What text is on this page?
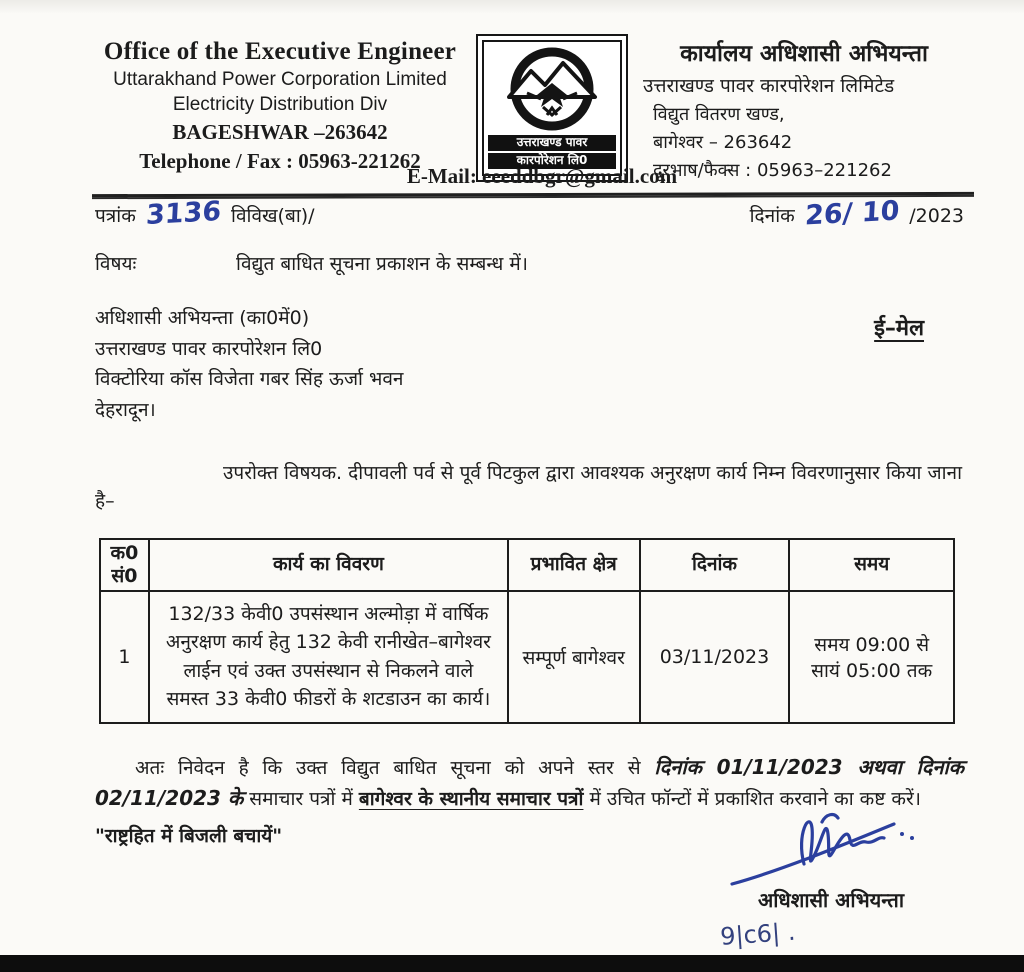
Office of the Executive Engineer
Uttarakhand Power Corporation Limited
Electricity Distribution Div
BAGESHWAR –263642
Telephone / Fax : 05963-221262
उत्तराखण्ड पावर
कारपोरेशन लि0
कार्यालय अधिशासी अभियन्ता
उत्तराखण्ड पावर कारपोरेशन लिमिटेड
विद्युत वितरण खण्ड,
बागेश्वर – 263642
दूरभाष/फैक्स : 05963–221262
E-Mail: eeeddbgr@gmail.com
पत्रांक 3136 विविख(बा)/	दिनांक 26/ 10 /2023
विषयः	विद्युत बाधित सूचना प्रकाशन के सम्बन्ध में।
अधिशासी अभियन्ता (का0में0)
उत्तराखण्ड पावर कारपोरेशन लि0
विक्टोरिया कॉस विजेता गबर सिंह ऊर्जा भवन
देहरादून।
ई–मेल

उपरोक्त विषयक. दीपावली पर्व से पूर्व पिटकुल द्वारा आवश्यक अनुरक्षण कार्य निम्न विवरणानुसार किया जाना है–

क0
सं0	कार्य का विवरण	प्रभावित क्षेत्र	दिनांक	समय
1	132/33 केवी0 उपसंस्थान अल्मोड़ा में वार्षिक अनुरक्षण कार्य हेतु 132 केवी रानीखेत–बागेश्वर लाईन एवं उक्त उपसंस्थान से निकलने वाले समस्त 33 केवी0 फीडरों के शटडाउन का कार्य।	सम्पूर्ण बागेश्वर	03/11/2023	समय 09:00 से
सायं 05:00 तक

अतः निवेदन है कि उक्त विद्युत बाधित सूचना को अपने स्तर से दिनांक 01/11/2023 अथवा दिनांक 02/11/2023 के समाचार पत्रों में बागेश्वर के स्थानीय समाचार पत्रों में उचित फॉन्टों में प्रकाशित करवाने का कष्ट करें।

"राष्ट्रहित में बिजली बचायें"
अधिशासी अभियन्ता
9|c6| .
